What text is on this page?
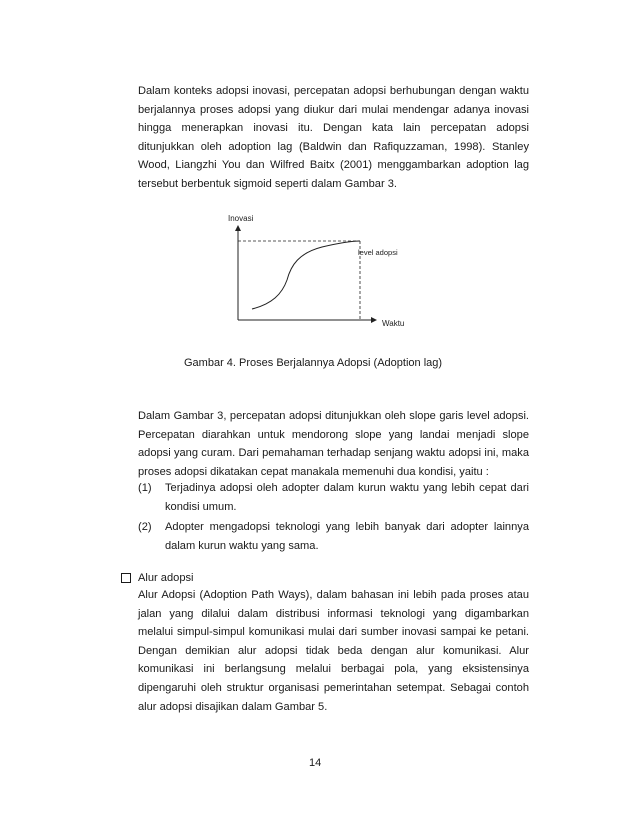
Dalam konteks adopsi inovasi, percepatan adopsi berhubungan dengan waktu
berjalannya proses adopsi yang diukur dari mulai mendengar adanya inovasi
hingga menerapkan inovasi itu. Dengan kata lain percepatan adopsi
ditunjukkan oleh adoption lag (Baldwin dan Rafiquzzaman, 1998). Stanley
Wood, Liangzhi You dan Wilfred Baitx (2001) menggambarkan adoption lag
tersebut berbentuk sigmoid seperti dalam Gambar 3.

Inovasi
level adopsi
Waktu
Gambar 4. Proses Berjalannya Adopsi (Adoption lag)

Dalam Gambar 3, percepatan adopsi ditunjukkan oleh slope garis level adopsi.
Percepatan diarahkan untuk mendorong slope yang landai menjadi slope
adopsi yang curam. Dari pemahaman terhadap senjang waktu adopsi ini, maka
proses adopsi dikatakan cepat manakala memenuhi dua kondisi, yaitu :

(1)	Terjadinya adopsi oleh adopter dalam kurun waktu yang lebih cepat dari
kondisi umum.
(2)	Adopter mengadopsi teknologi yang lebih banyak dari adopter lainnya
dalam kurun waktu yang sama.
Alur adopsi

Alur Adopsi (Adoption Path Ways), dalam bahasan ini lebih pada proses atau
jalan yang dilalui dalam distribusi informasi teknologi yang digambarkan
melalui simpul-simpul komunikasi mulai dari sumber inovasi sampai ke petani.
Dengan demikian alur adopsi tidak beda dengan alur komunikasi. Alur
komunikasi ini berlangsung melalui berbagai pola, yang eksistensinya
dipengaruhi oleh struktur organisasi pemerintahan setempat. Sebagai contoh
alur adopsi disajikan dalam Gambar 5.

14
